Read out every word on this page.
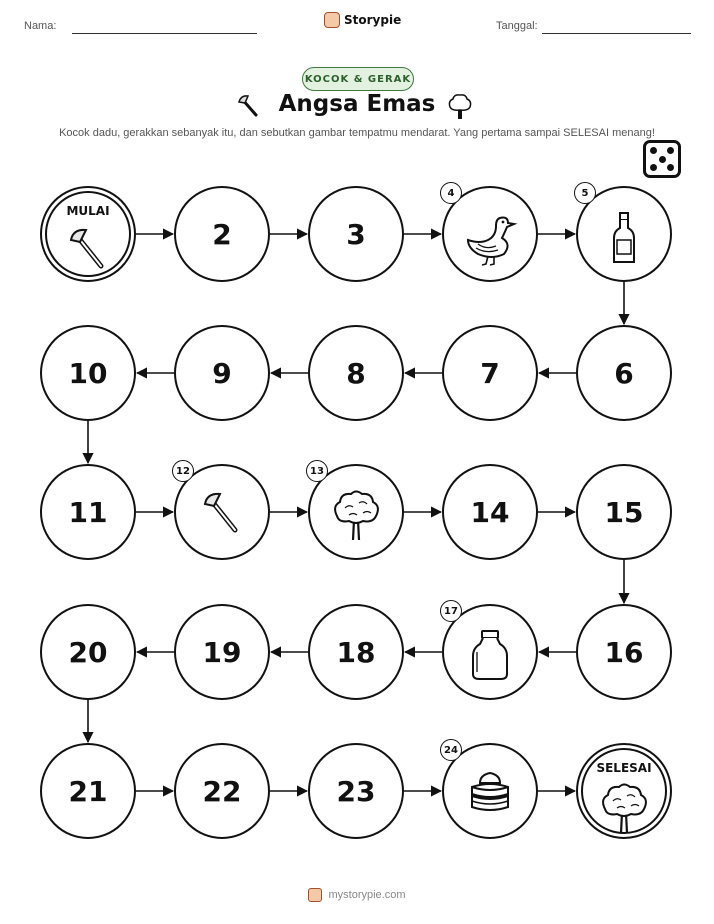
Nama:	Storypie	Tanggal:
KOCOK & GERAK
Angsa Emas
Kocok dadu, gerakkan sebanyak itu, dan sebutkan gambar tempatmu mendarat. Yang pertama sampai SELESAI menang!
SELESAI
23
22
21
20	19	18	16
15
14
11
10	9	8	7	6
3
2
MULAI
4	5
12	13
17
24
mystorypie.com
